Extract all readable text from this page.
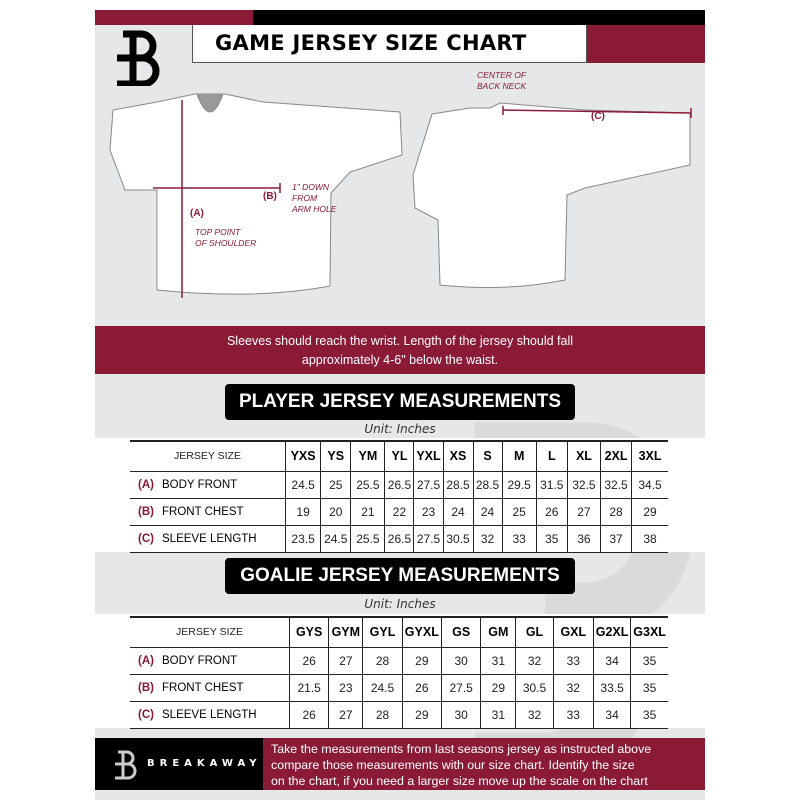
GAME JERSEY SIZE CHART
CENTER OF
BACK NECK
(B)
(A)
(C)
1" DOWN
FROM
ARM HOLE
TOP POINT
OF SHOULDER
Sleeves should reach the wrist. Length of the jersey should fall
approximately 4-6" below the waist.
PLAYER JERSEY MEASUREMENTS
Unit: Inches
JERSEY SIZE	YXS	YS	YM	YL	YXL	XS	S	M	L	XL	2XL	3XL
(A) BODY FRONT	24.5	25	25.5	26.5	27.5	28.5	28.5	29.5	31.5	32.5	32.5	34.5
(B) FRONT CHEST	19	20	21	22	23	24	24	25	26	27	28	29
(C) SLEEVE LENGTH	23.5	24.5	25.5	26.5	27.5	30.5	32	33	35	36	37	38
GOALIE JERSEY MEASUREMENTS
Unit: Inches
JERSEY SIZE	GYS	GYM	GYL	GYXL	GS	GM	GL	GXL	G2XL	G3XL
(A) BODY FRONT	26	27	28	29	30	31	32	33	34	35
(B) FRONT CHEST	21.5	23	24.5	26	27.5	29	30.5	32	33.5	35
(C) SLEEVE LENGTH	26	27	28	29	30	31	32	33	34	35
BREAKAWAY
Take the measurements from last seasons jersey as instructed above
compare those measurements with our size chart. Identify the size
on the chart, if you need a larger size move up the scale on the chart
